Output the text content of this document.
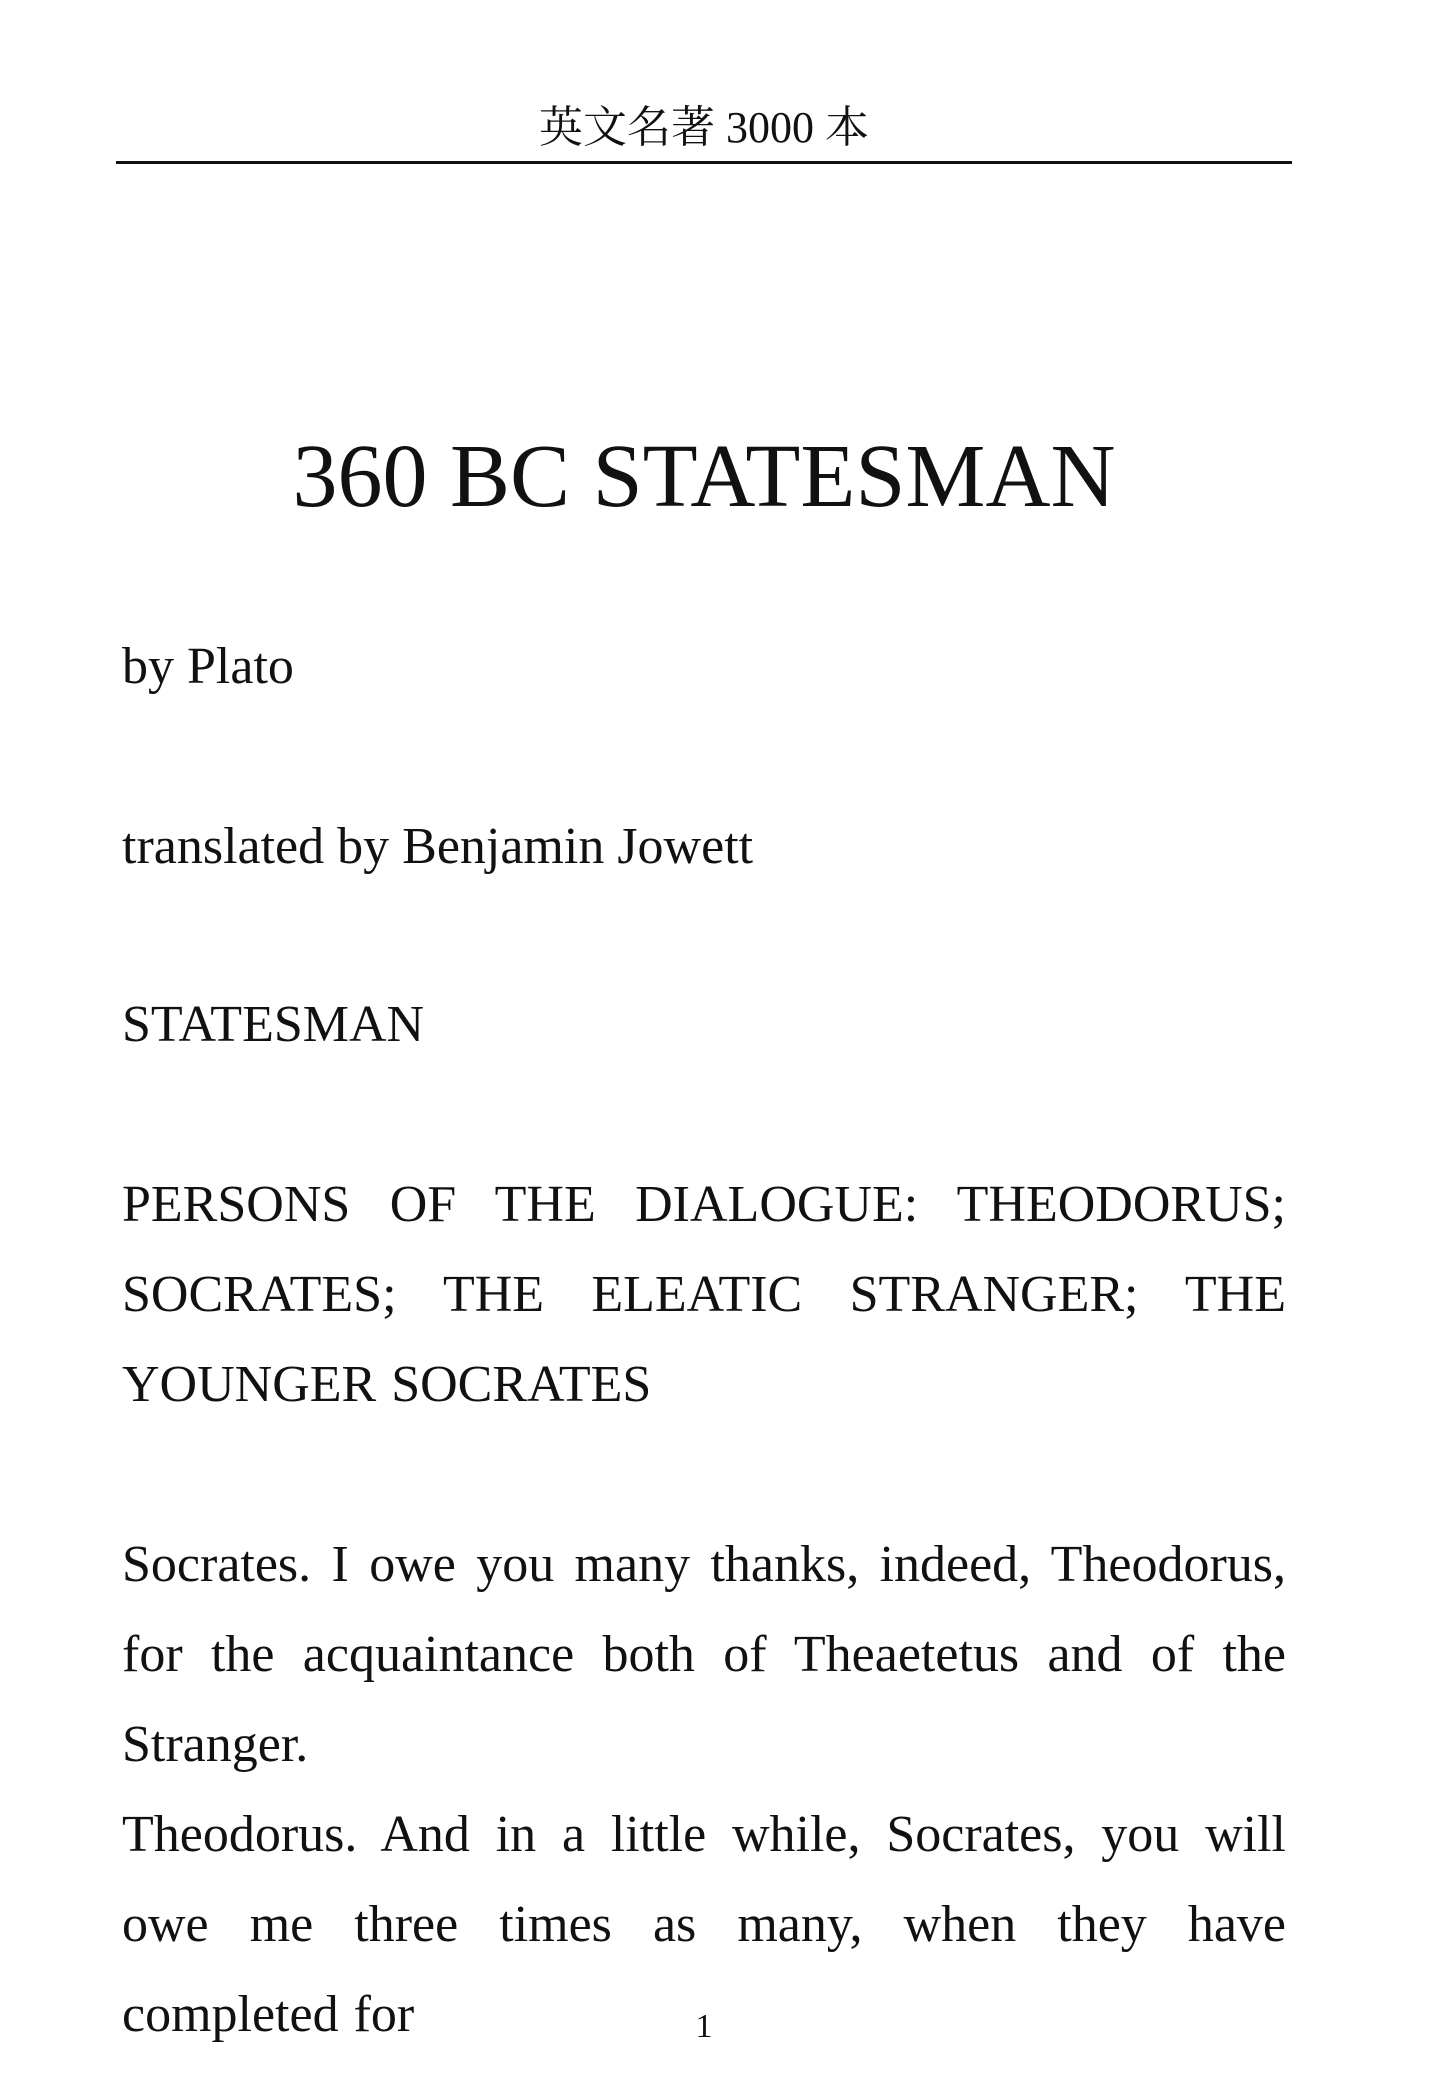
英文名著 3000 本
360 BC STATESMAN
by Plato
translated by Benjamin Jowett
STATESMAN
PERSONS OF THE DIALOGUE: THEODORUS; SOCRATES; THE ELEATIC STRANGER; THE YOUNGER SOCRATES
Socrates. I owe you many thanks, indeed, Theodorus, for the acquaintance both of Theaetetus and of the Stranger.
Theodorus. And in a little while, Socrates, you will owe me three times as many, when they have completed for	1
